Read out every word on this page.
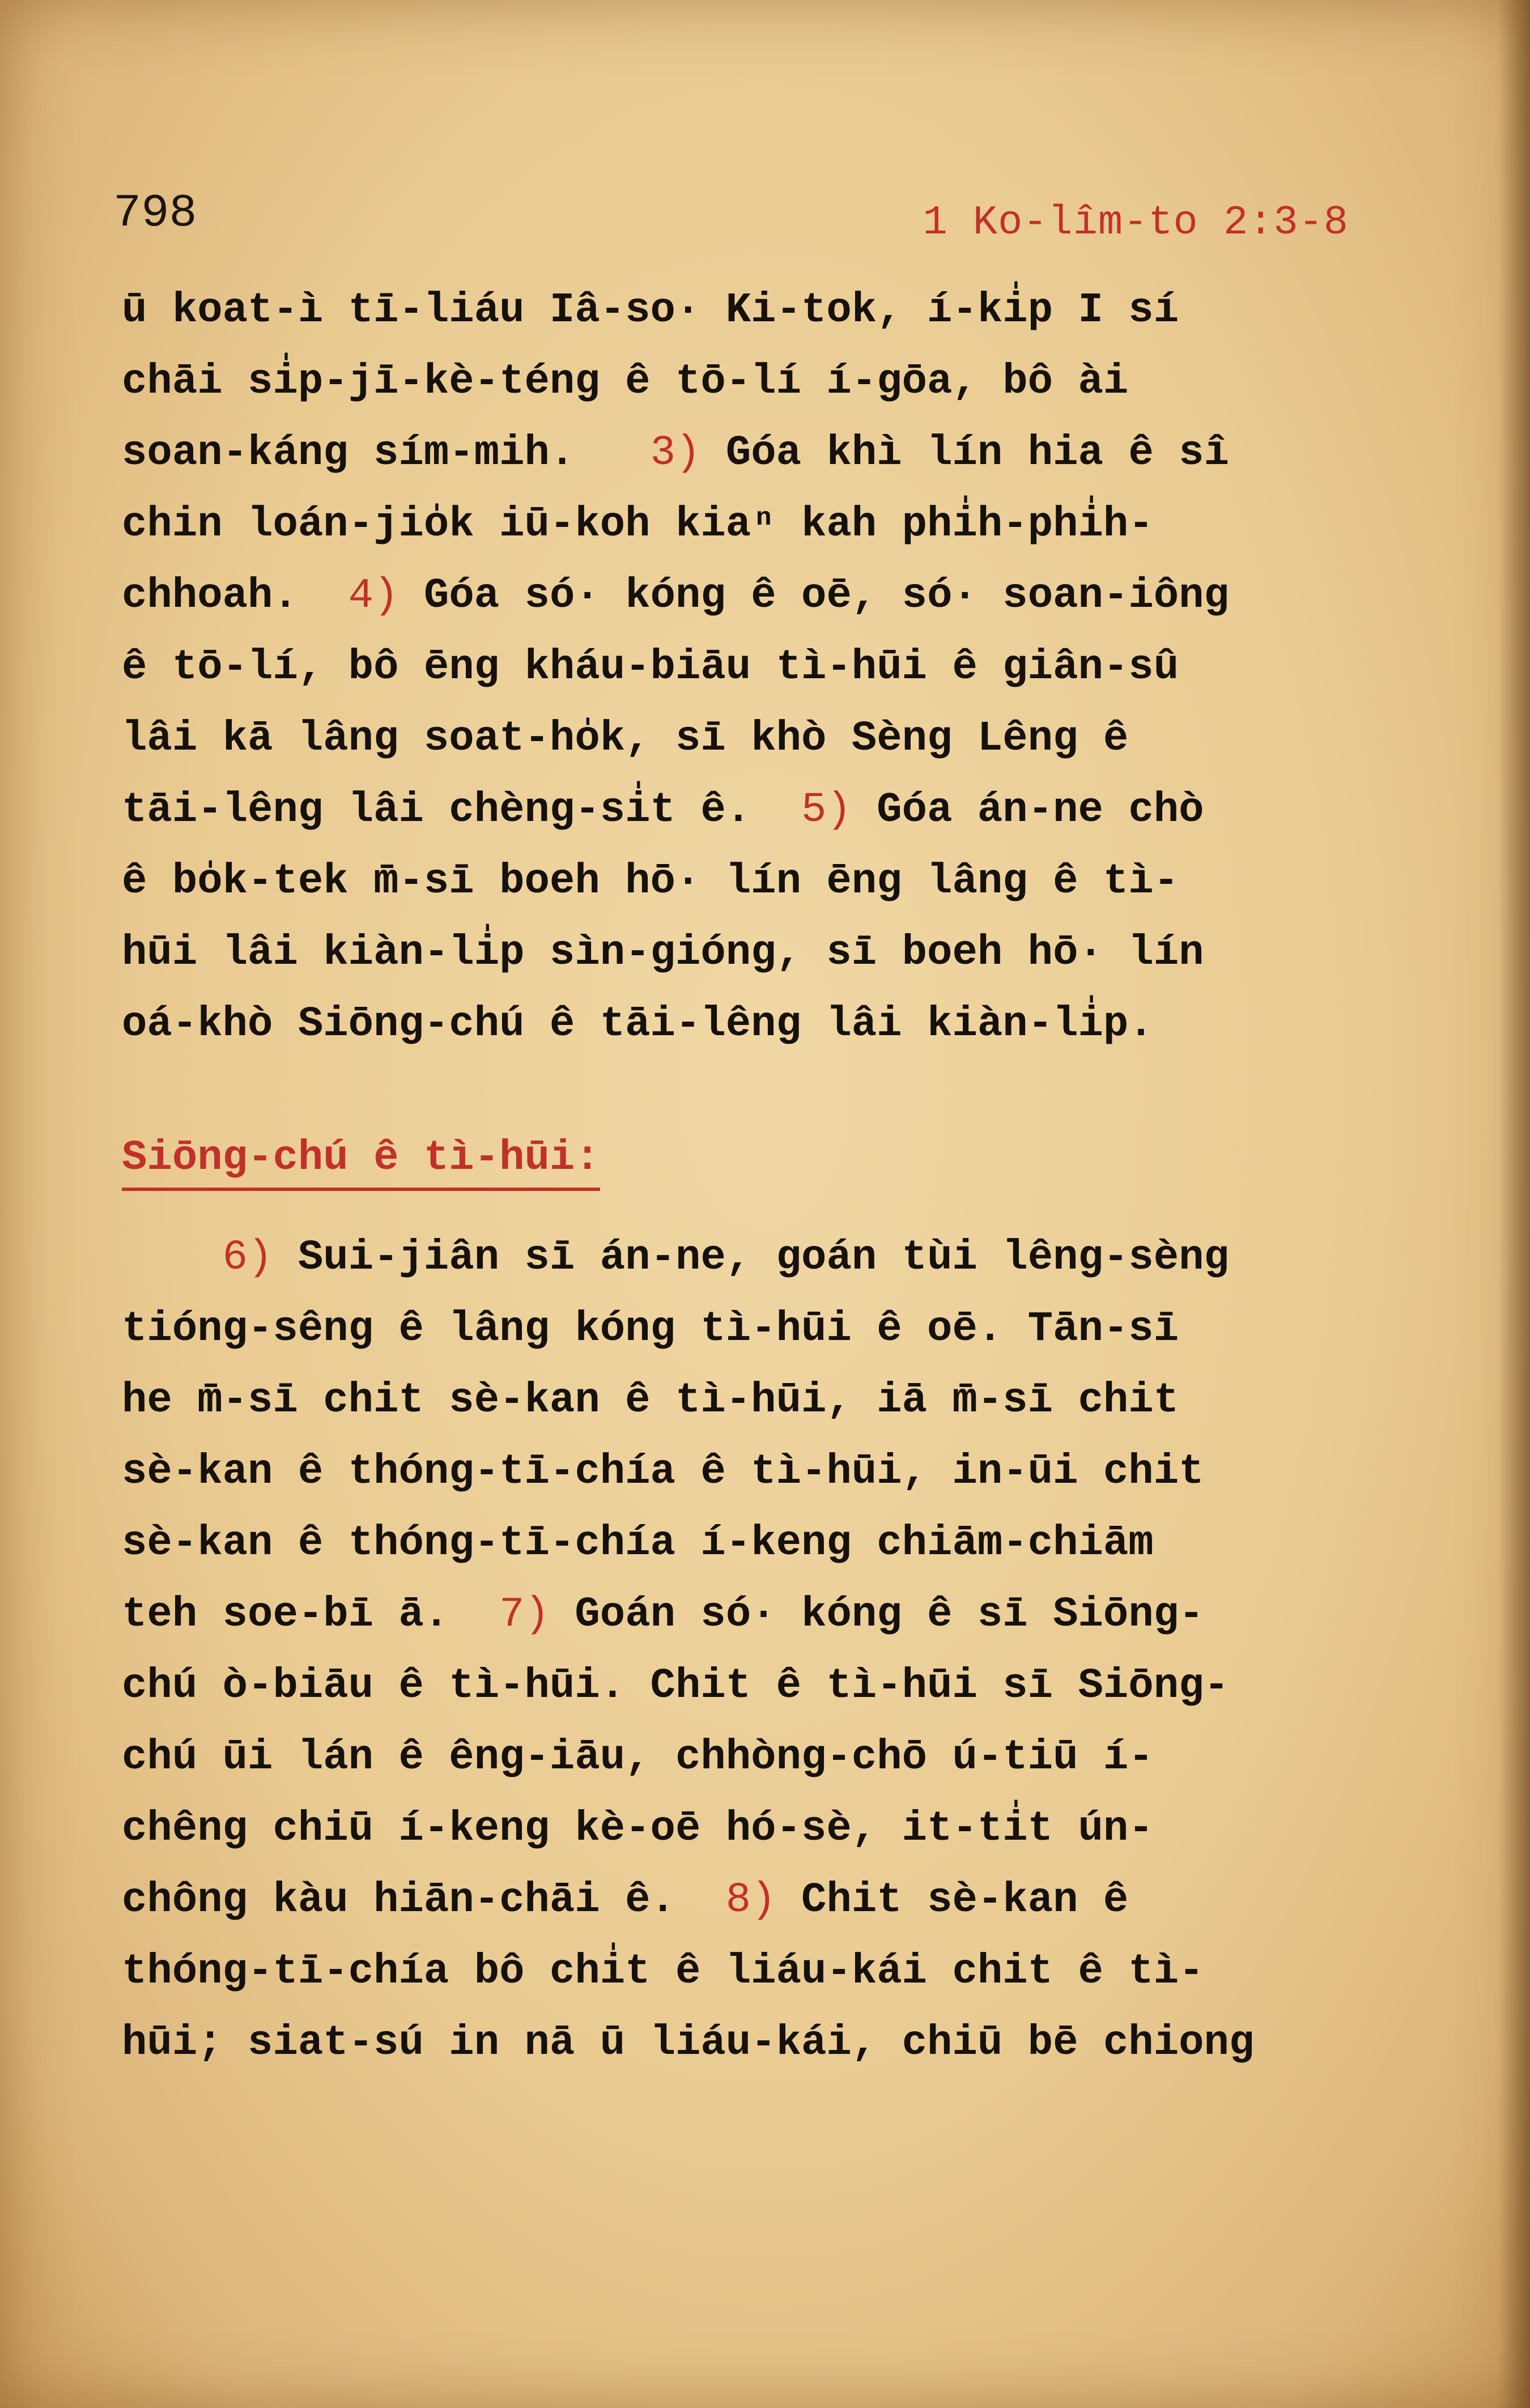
798	1 Ko-lîm-to 2:3-8
ū koat-ì tī-liáu Iâ-so· Ki-tok, í-ki̍p I sí
chāi si̍p-jī-kè-téng ê tō-lí í-gōa, bô ài
soan-káng sím-mih. 3) Góa khì lín hia ê sî
chin loán-jio̍k iū-koh kiaⁿ kah phi̍h-phi̍h-
chhoah. 4) Góa só· kóng ê oē, só· soan-iông
ê tō-lí, bô ēng kháu-biāu tì-hūi ê giân-sû
lâi kā lâng soat-ho̍k, sī khò Sèng Lêng ê
tāi-lêng lâi chèng-si̍t ê. 5) Góa án-ne chò
ê bo̍k-tek m̄-sī boeh hō· lín ēng lâng ê tì-
hūi lâi kiàn-li̍p sìn-gióng, sī boeh hō· lín
oá-khò Siōng-chú ê tāi-lêng lâi kiàn-li̍p.
Siōng-chú ê tì-hūi:
6) Sui-jiân sī án-ne, goán tùi lêng-sèng
tióng-sêng ê lâng kóng tì-hūi ê oē. Tān-sī
he m̄-sī chit sè-kan ê tì-hūi, iā m̄-sī chit
sè-kan ê thóng-tī-chía ê tì-hūi, in-ūi chit
sè-kan ê thóng-tī-chía í-keng chiām-chiām
teh soe-bī ā. 7) Goán só· kóng ê sī Siōng-
chú ò-biāu ê tì-hūi. Chit ê tì-hūi sī Siōng-
chú ūi lán ê êng-iāu, chhòng-chō ú-tiū í-
chêng chiū í-keng kè-oē hó-sè, it-ti̍t ún-
chông kàu hiān-chāi ê. 8) Chit sè-kan ê
thóng-tī-chía bô chi̍t ê liáu-kái chit ê tì-
hūi; siat-sú in nā ū liáu-kái, chiū bē chiong
